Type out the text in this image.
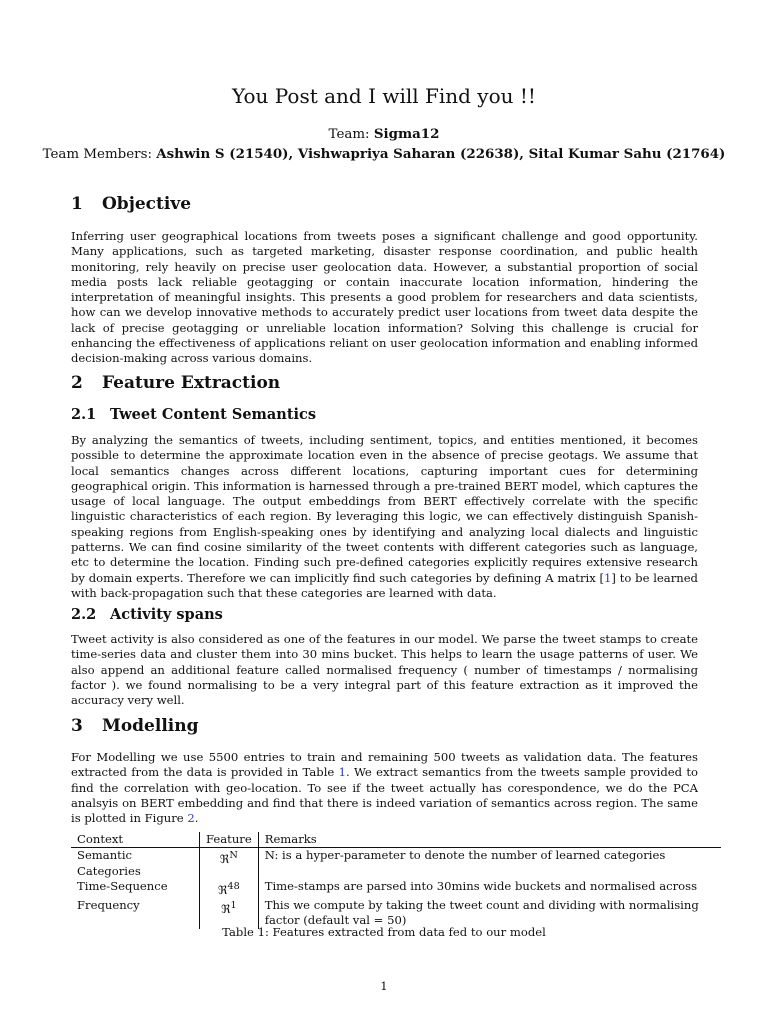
You Post and I will Find you !!
Team: Sigma12
Team Members: Ashwin S (21540), Vishwapriya Saharan (22638), Sital Kumar Sahu (21764)
1 Objective

Inferring user geographical locations from tweets poses a significant challenge and good opportunity. Many applications, such as targeted marketing, disaster response coordination, and public health monitoring, rely heavily on precise user geolocation data. However, a substantial proportion of social media posts lack reliable geotagging or contain inaccurate location information, hindering the interpretation of meaningful insights. This presents a good problem for researchers and data scientists, how can we develop innovative methods to accurately predict user locations from tweet data despite the lack of precise geotagging or unreliable location information? Solving this challenge is crucial for enhancing the effectiveness of applications reliant on user geolocation information and enabling informed decision-making across various domains.

2 Feature Extraction
2.1 Tweet Content Semantics

By analyzing the semantics of tweets, including sentiment, topics, and entities mentioned, it becomes possible to determine the approximate location even in the absence of precise geotags. We assume that local semantics changes across different locations, capturing important cues for determining geographical origin. This information is harnessed through a pre-trained BERT model, which captures the usage of local language. The output embeddings from BERT effectively correlate with the specific linguistic characteristics of each region. By leveraging this logic, we can effectively distinguish Spanish-speaking regions from English-speaking ones by identifying and analyzing local dialects and linguistic patterns. We can find cosine similarity of the tweet contents with different categories such as language, etc to determine the location. Finding such pre-defined categories explicitly requires extensive research by domain experts. Therefore we can implicitly find such categories by defining A matrix [1] to be learned with back-propagation such that these categories are learned with data.

2.2 Activity spans

Tweet activity is also considered as one of the features in our model. We parse the tweet stamps to create time-series data and cluster them into 30 mins bucket. This helps to learn the usage patterns of user. We also append an additional feature called normalised frequency ( number of timestamps / normalising factor ). we found normalising to be a very integral part of this feature extraction as it improved the accuracy very well.

3 Modelling

For Modelling we use 5500 entries to train and remaining 500 tweets as validation data. The features extracted from the data is provided in Table 1. We extract semantics from the tweets sample provided to find the correlation with geo-location. To see if the tweet actually has corespondence, we do the PCA analsyis on BERT embedding and find that there is indeed variation of semantics across region. The same is plotted in Figure 2.

Context	Feature	Remarks
Semantic Categories	ℜ$^N$	N: is a hyper-parameter to denote the number of learned categories
Time-Sequence	ℜ$^{48}$	Time-stamps are parsed into 30mins wide buckets and normalised across
Frequency	ℜ$^1$	This we compute by taking the tweet count and dividing with normalising factor (default val = 50)
Table 1: Features extracted from data fed to our model
1
